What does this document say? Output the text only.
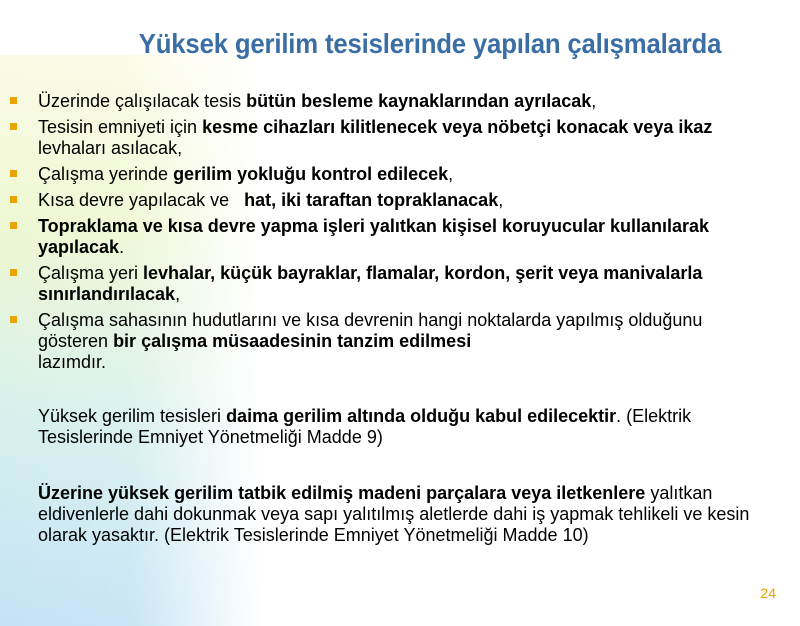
Yüksek gerilim tesislerinde yapılan çalışmalarda

Üzerinde çalışılacak tesis bütün besleme kaynaklarından ayrılacak,

Tesisin emniyeti için kesme cihazları kilitlenecek veya nöbetçi konacak veya ikaz levhaları asılacak,

Çalışma yerinde gerilim yokluğu kontrol edilecek,

Kısa devre yapılacak ve   hat, iki taraftan topraklanacak,

Topraklama ve kısa devre yapma işleri yalıtkan kişisel koruyucular kullanılarak yapılacak.

Çalışma yeri levhalar, küçük bayraklar, flamalar, kordon, şerit veya manivalarla sınırlandırılacak,

Çalışma sahasının hudutlarını ve kısa devrenin hangi noktalarda yapılmış olduğunu gösteren bir çalışma müsaadesinin tanzim edilmesi
lazımdır.

Yüksek gerilim tesisleri daima gerilim altında olduğu kabul edilecektir. (Elektrik Tesislerinde Emniyet Yönetmeliği Madde 9)

Üzerine yüksek gerilim tatbik edilmiş madeni parçalara veya iletkenlere yalıtkan eldivenlerle dahi dokunmak veya sapı yalıtılmış aletlerde dahi iş yapmak tehlikeli ve kesin olarak yasaktır. (Elektrik Tesislerinde Emniyet Yönetmeliği Madde 10)

24
